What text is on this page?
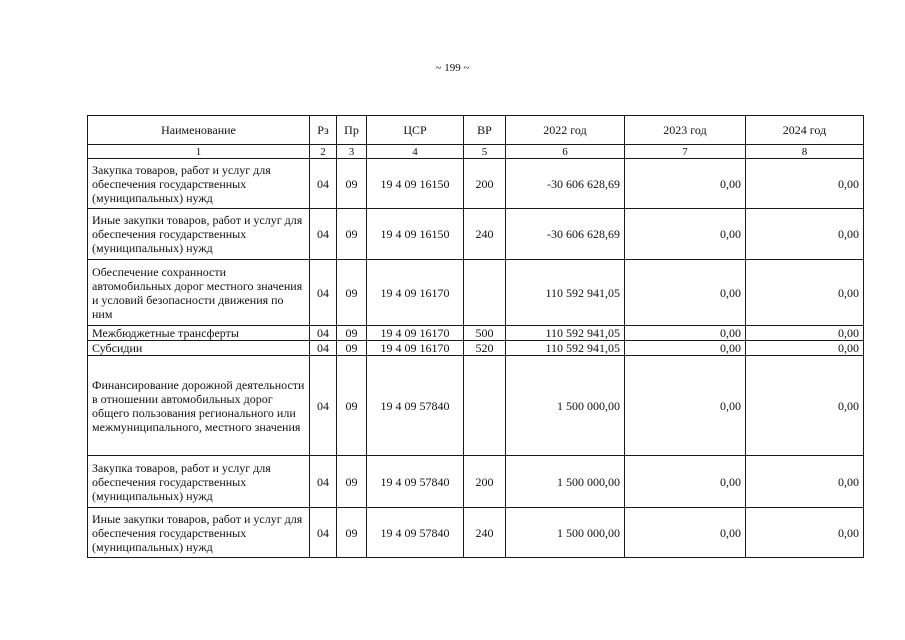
~ 199 ~
Наименование	Рз	Пр	ЦСР	ВР	2022 год	2023 год	2024 год
1	2	3	4	5	6	7	8
Закупка товаров, работ и услуг для обеспечения государственных (муниципальных) нужд	04	09	19 4 09 16150	200	-30 606 628,69	0,00	0,00
Иные закупки товаров, работ и услуг для обеспечения государственных (муниципальных) нужд	04	09	19 4 09 16150	240	-30 606 628,69	0,00	0,00
Обеспечение сохранности автомобильных дорог местного значения и условий безопасности движения по ним	04	09	19 4 09 16170		110 592 941,05	0,00	0,00
Межбюджетные трансферты	04	09	19 4 09 16170	500	110 592 941,05	0,00	0,00
Субсидии	04	09	19 4 09 16170	520	110 592 941,05	0,00	0,00
Финансирование дорожной деятельности в отношении автомобильных дорог общего пользования регионального или межмуниципального, местного значения	04	09	19 4 09 57840		1 500 000,00	0,00	0,00
Закупка товаров, работ и услуг для обеспечения государственных (муниципальных) нужд	04	09	19 4 09 57840	200	1 500 000,00	0,00	0,00
Иные закупки товаров, работ и услуг для обеспечения государственных (муниципальных) нужд	04	09	19 4 09 57840	240	1 500 000,00	0,00	0,00
